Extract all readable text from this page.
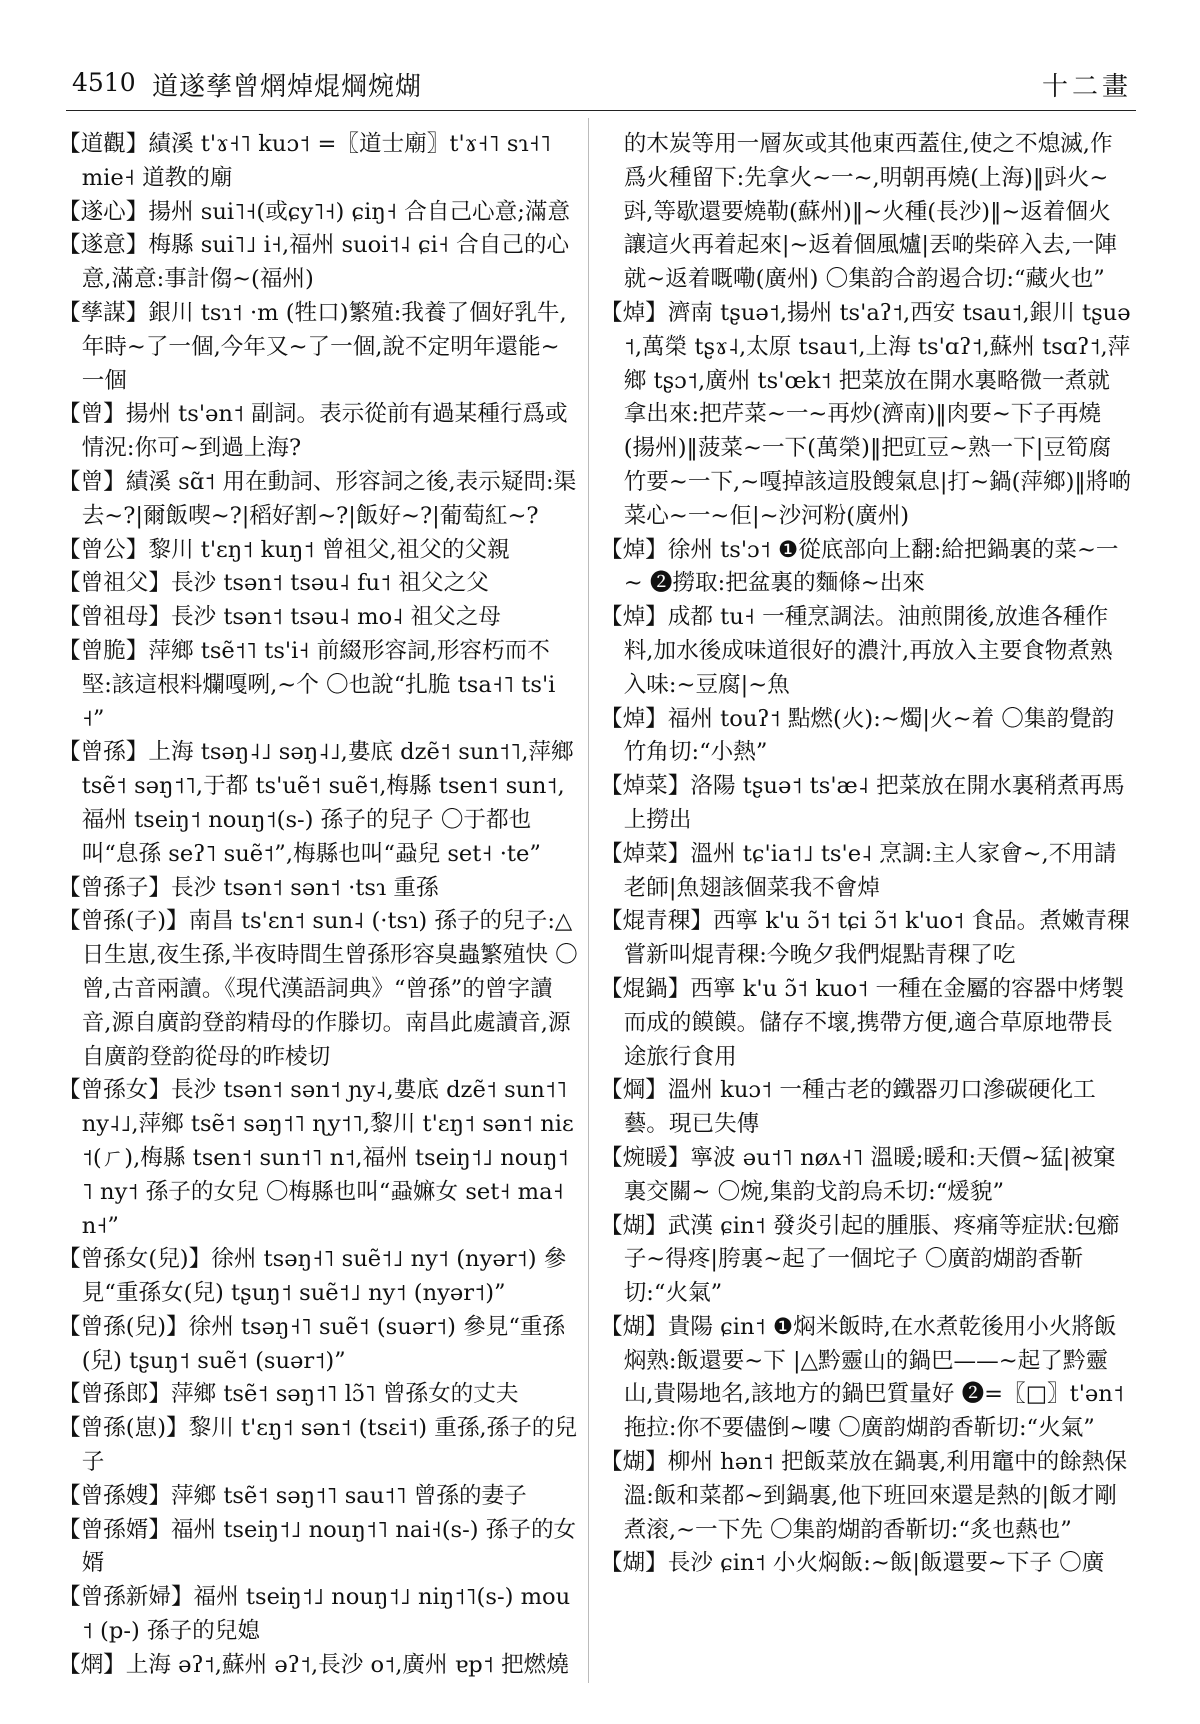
4510 道遂孳曾焹焯焜焵焥煳	十二畫

【道觀】績溪 t'ɤ˧˥ kuɔ˦ =〖道士廟〗t'ɤ˧˥ sɿ˧˥ mie˧ 道教的廟

【遂心】揚州 sui˥˧(或ɕy˥˧) ɕiŋ˧ 合自己心意;滿意

【遂意】梅縣 sui˥˩ i˧,福州 suoi˦˨ ɕi˧ 合自己的心意,滿意:事計㑳~(福州)

【孳謀】銀川 tsɿ˦ ·m (牲口)繁殖:我養了個好乳牛,年時~了一個,今年又~了一個,說不定明年還能~一個

【曾】揚州 ts'ən˦ 副詞。表示從前有過某種行爲或情況:你可~到過上海?

【曾】績溪 sɑ̃˦ 用在動詞、形容詞之後,表示疑問:渠去~?|爾飯喫~?|稻好割~?|飯好~?|葡萄紅~?

【曾公】黎川 t'ɛŋ˦ kuŋ˦ 曾祖父,祖父的父親

【曾祖父】長沙 tsən˦ tsəu˨ fu˦ 祖父之父

【曾祖母】長沙 tsən˦ tsəu˨ mo˨ 祖父之母

【曾脆】萍鄉 tsẽ˦˥ ts'i˧ 前綴形容詞,形容朽而不堅:該這根料爛嘎咧,~个 〇也說“扎脆 tsa˧˥ ts'i˧”

【曾孫】上海 tsəŋ˨˩ səŋ˨˩,婁底 dzẽ˦ sun˦˥,萍鄉 tsẽ˦ səŋ˦˥,于都 ts'uẽ˦ suẽ˦,梅縣 tsen˦ sun˦,福州 tseiŋ˦ nouŋ˦(s-) 孫子的兒子 〇于都也叫“息孫 seʔ˥ suẽ˦”,梅縣也叫“蝨兒 set˧ ·te”

【曾孫子】長沙 tsən˦ sən˦ ·tsɿ 重孫

【曾孫(子)】南昌 ts'ɛn˦ sun˨ (·tsɿ) 孫子的兒子:△日生崽,夜生孫,半夜時間生曾孫形容臭蟲繁殖快 〇曾,古音兩讀。《現代漢語詞典》“曾孫”的曾字讀音,源自廣韵登韵精母的作滕切。南昌此處讀音,源自廣韵登韵從母的昨棱切

【曾孫女】長沙 tsən˦ sən˦ ɲy˨,婁底 dzẽ˦ sun˦˥ ny˨˩,萍鄉 tsẽ˦ səŋ˦˥ ɳy˦˥,黎川 t'ɛŋ˦ sən˦ niɛ˦(ㄏ),梅縣 tsen˦ sun˦˥ n˦,福州 tseiŋ˦˩ nouŋ˦˥ ny˦ 孫子的女兒 〇梅縣也叫“蝨嫲女 set˧ ma˧ n˧”

【曾孫女(兒)】徐州 tsəŋ˧˥ suẽ˦˩ ny˦ (nyər˦) 參見“重孫女(兒) tʂuŋ˦ suẽ˦˩ ny˦ (nyər˦)”

【曾孫(兒)】徐州 tsəŋ˧˥ suẽ˦ (suər˦) 參見“重孫(兒) tʂuŋ˦ suẽ˦ (suər˦)”

【曾孫郎】萍鄉 tsẽ˦ səŋ˦˥ lɔ̃˥ 曾孫女的丈夫

【曾孫(崽)】黎川 t'ɛŋ˦ sən˦ (tsɛi˦) 重孫,孫子的兒子

【曾孫嫂】萍鄉 tsẽ˦ səŋ˦˥ sau˦˥ 曾孫的妻子

【曾孫婿】福州 tseiŋ˦˩ nouŋ˦˥ nai˧(s-) 孫子的女婿

【曾孫新婦】福州 tseiŋ˦˩ nouŋ˦˩ niŋ˦˥(s-) mou˦ (p-) 孫子的兒媳

【焹】上海 əʔ˦,蘇州 əʔ˦,長沙 o˦,廣州 ɐp˦ 把燃燒

的木炭等用一層灰或其他東西蓋住,使之不熄滅,作爲火種留下:先拿火~一~,明朝再燒(上海)‖㪷火~㪷,等歇還要燒勒(蘇州)‖~火種(長沙)‖~返着個火讓這火再着起來|~返着個風爐|丟啲柴碎入去,一陣就~返着嘅嘞(廣州) 〇集韵合韵遏合切:“藏火也”

【焯】濟南 tʂuə˦,揚州 ts'aʔ˦,西安 tsau˦,銀川 tʂuə˦,萬榮 tʂɤ˨,太原 tsau˦,上海 ts'ɑʔ˦,蘇州 tsɑʔ˦,萍鄉 tʂɔ˦,廣州 ts'œk˦ 把菜放在開水裏略微一煮就拿出來:把芹菜~一~再炒(濟南)‖肉要~下子再燒(揚州)‖菠菜~一下(萬榮)‖把豇豆~熟一下|豆筍腐竹要~一下,~嘎掉該這股餿氣息|打~鍋(萍鄉)‖將啲菜心~一~佢|~沙河粉(廣州)

【焯】徐州 ts'ɔ˦ ❶從底部向上翻:給把鍋裏的菜~一~ ❷撈取:把盆裏的麵條~出來

【焯】成都 tu˧ 一種烹調法。油煎開後,放進各種作料,加水後成味道很好的濃汁,再放入主要食物煮熟入味:~豆腐|~魚

【焯】福州 touʔ˦ 點燃(火):~燭|火~着 〇集韵覺韵竹角切:“小熱”

【焯菜】洛陽 tʂuə˦ ts'æ˨ 把菜放在開水裏稍煮再馬上撈出

【焯菜】溫州 tɕ'ia˦˩ ts'e˨ 烹調:主人家會~,不用請老師|魚翅該個菜我不會焯

【焜青稞】西寧 k'u ɔ̃˦ tɕi ɔ̃˦ k'uo˦ 食品。煮嫩青稞嘗新叫焜青稞:今晚夕我們焜點青稞了吃

【焜鍋】西寧 k'u ɔ̃˦ kuo˦ 一種在金屬的容器中烤製而成的饃饃。儲存不壞,携帶方便,適合草原地帶長途旅行食用

【焵】溫州 kuɔ˦ 一種古老的鐵器刃口滲碳硬化工藝。現已失傳

【焥暖】寧波 əu˦˥ nøʌ˧˥ 溫暖;暖和:天價~猛|被窠裏交關~ 〇焥,集韵戈韵烏禾切:“煖貌”

【煳】武漢 ɕin˦ 發炎引起的腫脹、疼痛等症狀:包癤子~得疼|胯裏~起了一個坨子 〇廣韵煳韵香靳切:“火氣”

【煳】貴陽 ɕin˦ ❶焖米飯時,在水煮乾後用小火將飯焖熟:飯還要~下 |△黔靈山的鍋巴——~起了黔靈山,貴陽地名,該地方的鍋巴質量好 ❷=〖□〗t'ən˦ 拖拉:你不要儘倒~嘍 〇廣韵煳韵香靳切:“火氣”

【煳】柳州 hən˦ 把飯菜放在鍋裏,利用竈中的餘熱保溫:飯和菜都~到鍋裏,他下班回來還是熱的|飯才剛煮滚,~一下先 〇集韵煳韵香靳切:“炙也爇也”

【煳】長沙 ɕin˦ 小火焖飯:~飯|飯還要~下子 〇廣
